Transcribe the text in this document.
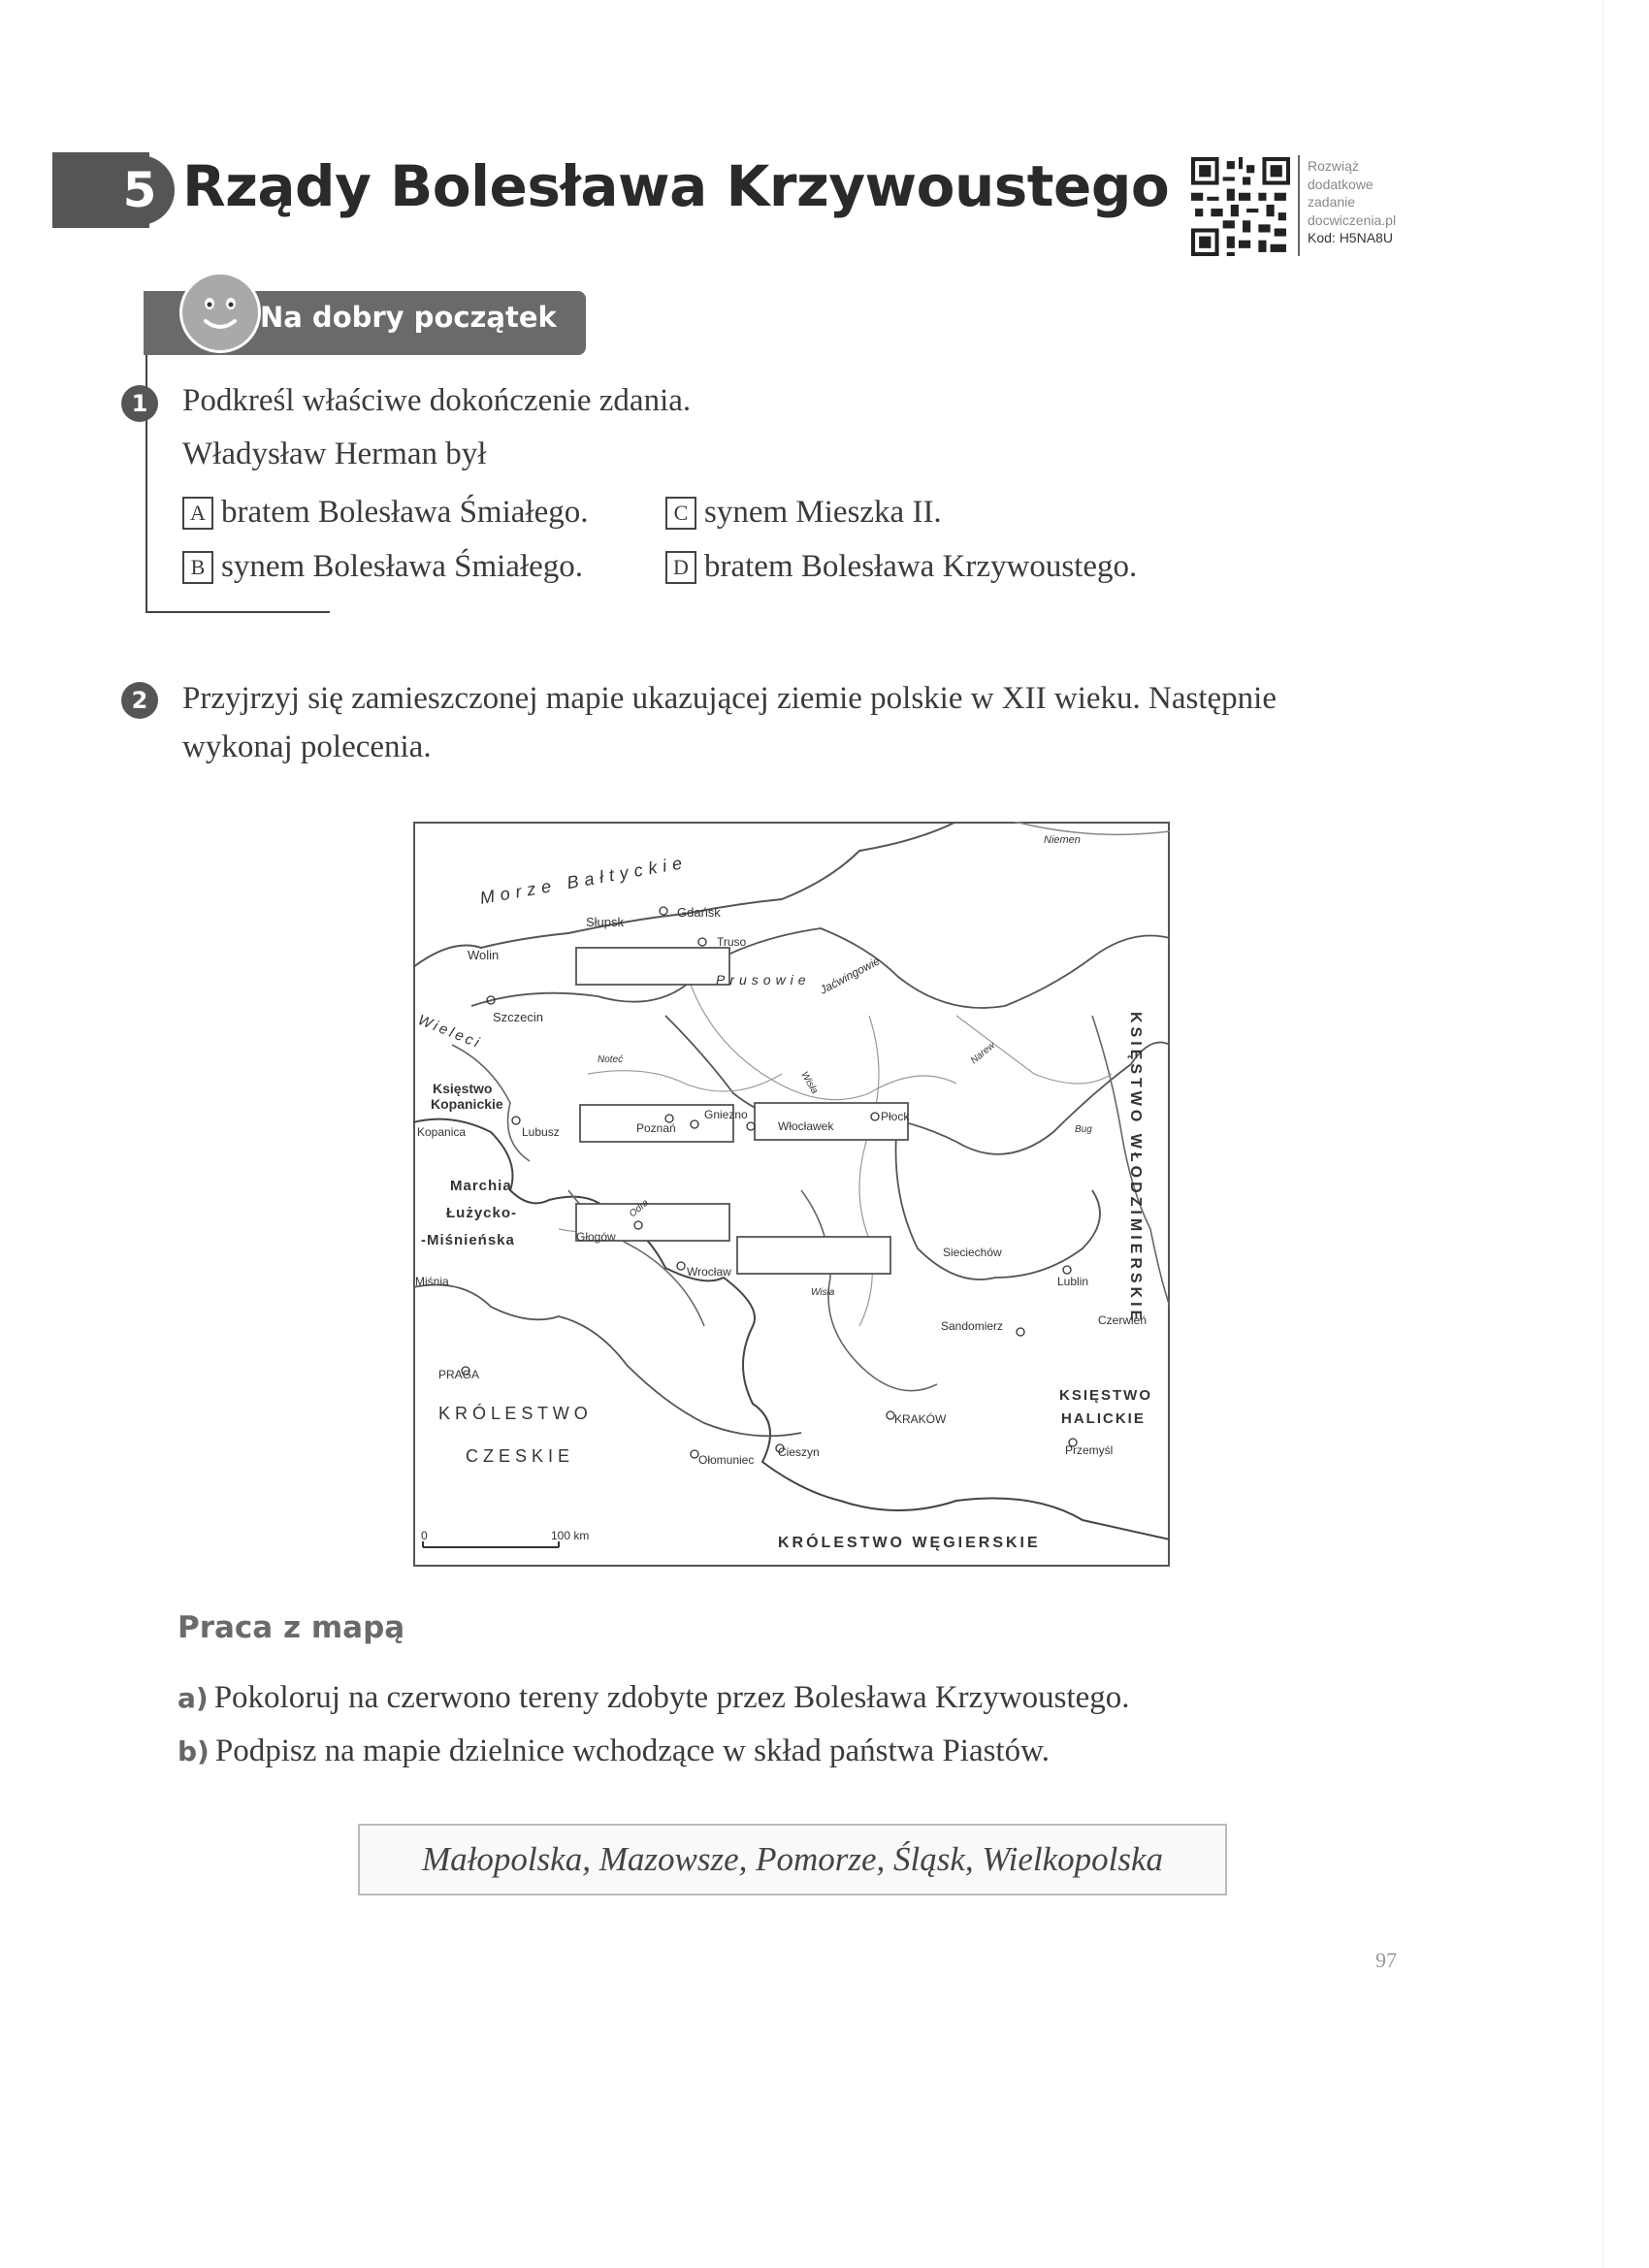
5 Rządy Bolesława Krzywoustego	Rozwiąż
dodatkowe
zadanie
docwiczenia.pl
Kod: H5NA8U
Na dobry początek
1	Podkreśl właściwe dokończenie zdania.
Władysław Herman był
A bratem Bolesława Śmiałego.
B synem Bolesława Śmiałego.
C synem Mieszka II.
D bratem Bolesława Krzywoustego.
2	Przyjrzyj się zamieszczonej mapie ukazującej ziemie polskie w XII wieku. Następnie
wykonaj polecenia.
Morze Bałtyckie
Niemen
Słupsk
Gdańsk
Truso
Prusowie Jaćwingowie
Wolin
Szczecin
Wieleci
Noteć
Wisła
Narew
Księstwo
Kopanickie
Kopanica	Lubusz	Poznań
Gniezno
Włocławek
Płock
Bug
Marchia
Łużycko-
-Miśnieńska
Odra
Głogów
Wrocław
Wisła
Sieciechów
Lublin
Sandomierz	Czerwień
Miśnia
PRAGA
K R Ó L E S T W O
C Z E S K I E
KRAKÓW
Cieszyn
Ołomuniec
KSIĘSTWO
HALICKIE
Przemyśl
KSIĘSTWO WŁODZIMIERSKIE
KRÓLESTWO WĘGIERSKIE
0	100 km
Praca z mapą
a) Pokoloruj na czerwono tereny zdobyte przez Bolesława Krzywoustego.
b) Podpisz na mapie dzielnice wchodzące w skład państwa Piastów.
Małopolska, Mazowsze, Pomorze, Śląsk, Wielkopolska
97
